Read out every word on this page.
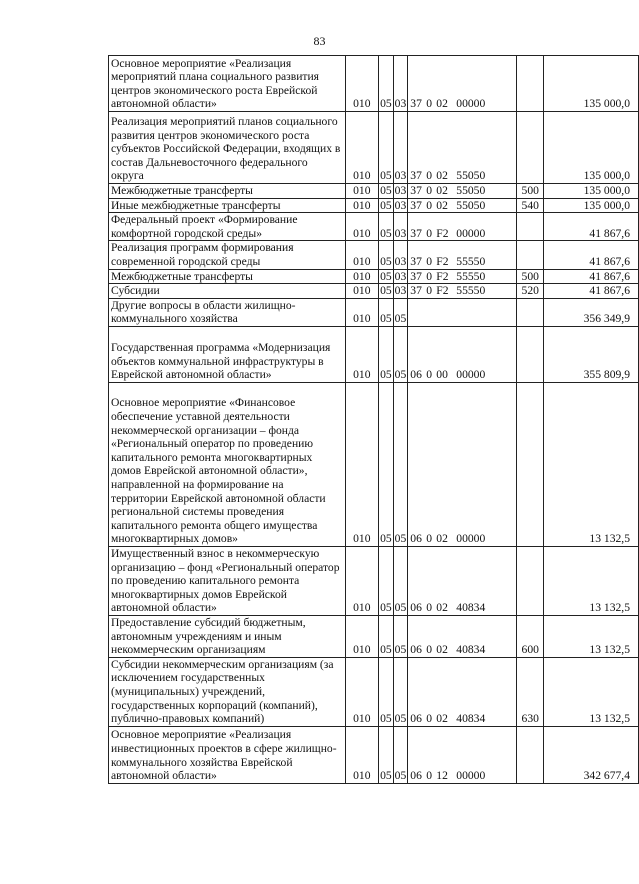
83
Основное мероприятие «Реализация мероприятий плана социального развития центров экономического роста Еврейской автономной области»	010	05	03	37 0 02 00000		135 000,0
Реализация мероприятий планов социального развития центров экономического роста субъектов Российской Федерации, входящих в состав Дальневосточного федерального округа	010	05	03	37 0 02 55050		135 000,0
Межбюджетные трансферты	010	05	03	37 0 02 55050	500	135 000,0
Иные межбюджетные трансферты	010	05	03	37 0 02 55050	540	135 000,0
Федеральный проект «Формирование комфортной городской среды»	010	05	03	37 0 F2 00000		41 867,6
Реализация программ формирования современной городской среды	010	05	03	37 0 F2 55550		41 867,6
Межбюджетные трансферты	010	05	03	37 0 F2 55550	500	41 867,6
Субсидии	010	05	03	37 0 F2 55550	520	41 867,6
Другие вопросы в области жилищно-коммунального хозяйства	010	05	05			356 349,9
Государственная программа «Модернизация объектов коммунальной инфраструктуры в Еврейской автономной области»	010	05	05	06 0 00 00000		355 809,9
Основное мероприятие «Финансовое обеспечение уставной деятельности некоммерческой организации – фонда «Региональный оператор по проведению капитального ремонта многоквартирных домов Еврейской автономной области», направленной на формирование на территории Еврейской автономной области региональной системы проведения капитального ремонта общего имущества многоквартирных домов»	010	05	05	06 0 02 00000		13 132,5
Имущественный взнос в некоммерческую организацию – фонд «Региональный оператор по проведению капитального ремонта многоквартирных домов Еврейской автономной области»	010	05	05	06 0 02 40834		13 132,5
Предоставление субсидий бюджетным, автономным учреждениям и иным некоммерческим организациям	010	05	05	06 0 02 40834	600	13 132,5
Субсидии некоммерческим организациям (за исключением государственных (муниципальных) учреждений, государственных корпораций (компаний), публично-правовых компаний)	010	05	05	06 0 02 40834	630	13 132,5
Основное мероприятие «Реализация инвестиционных проектов в сфере жилищно-коммунального хозяйства Еврейской автономной области»	010	05	05	06 0 12 00000		342 677,4
